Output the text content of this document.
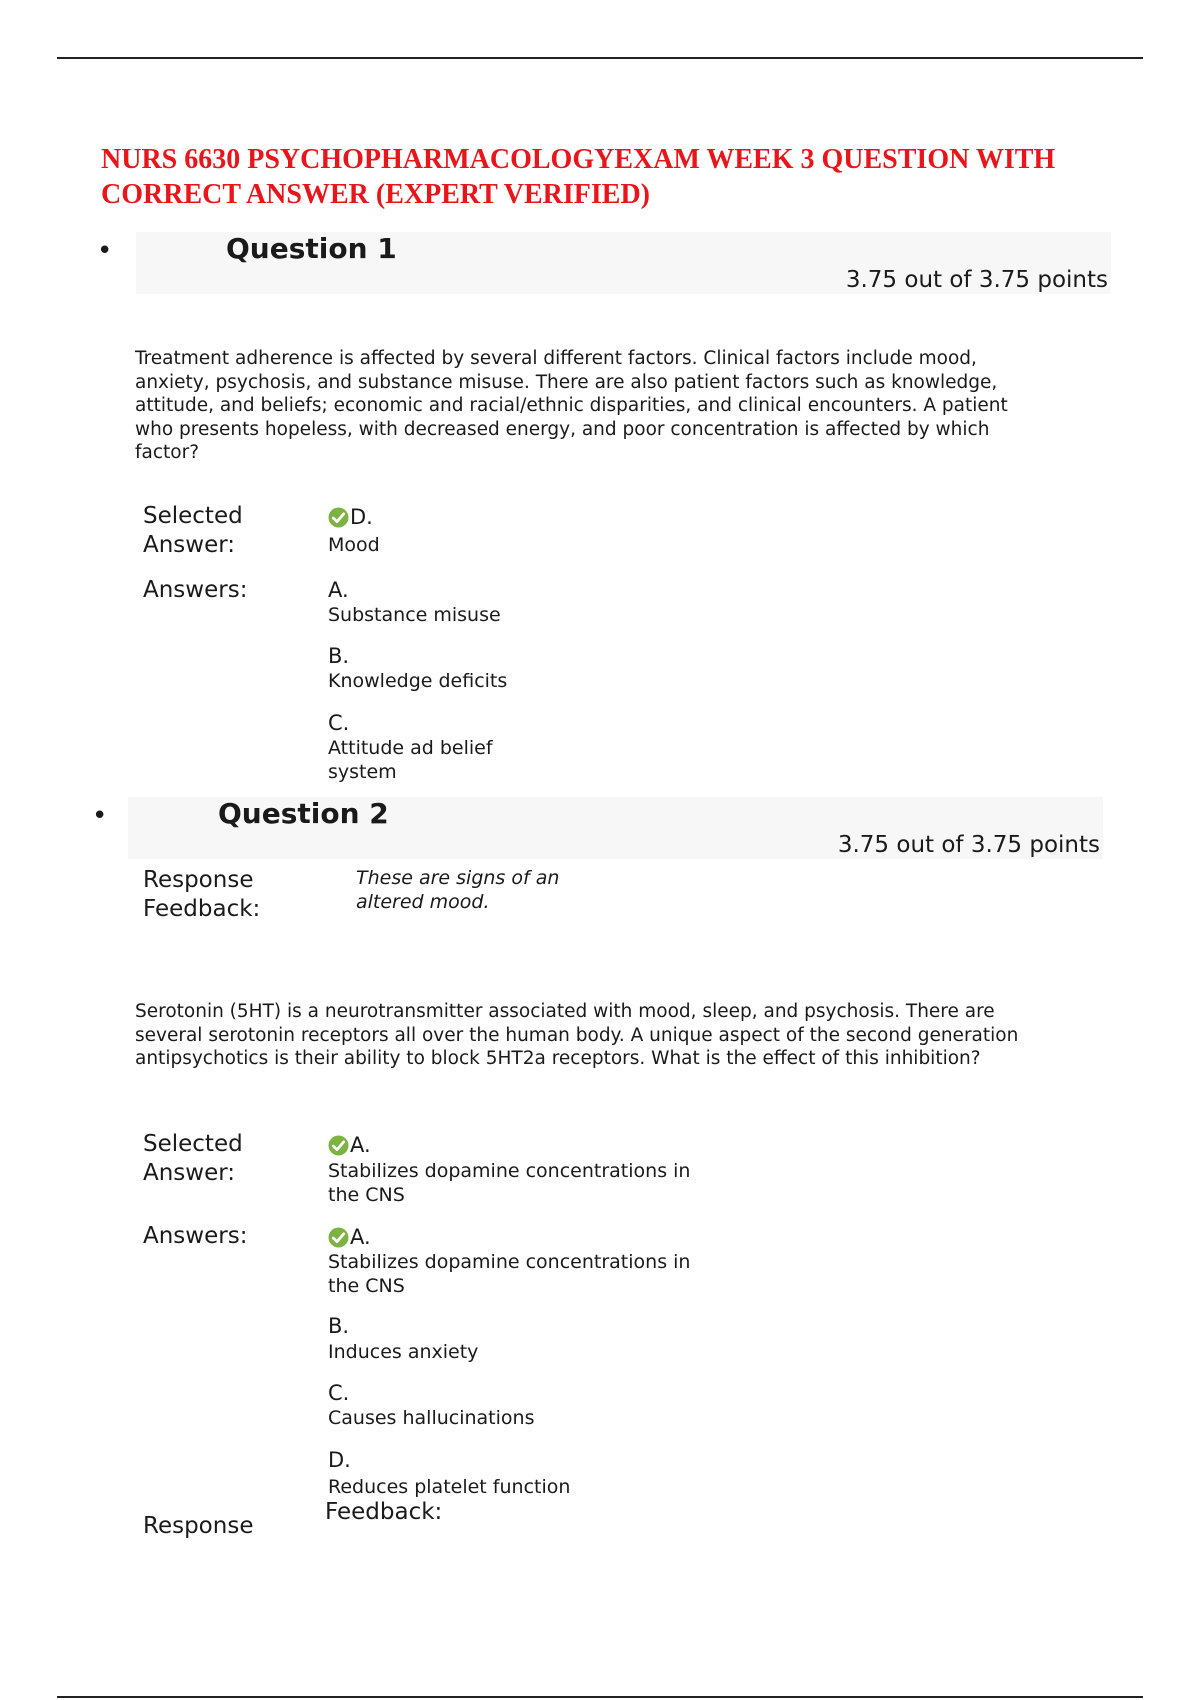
NURS 6630 PSYCHOPHARMACOLOGYEXAM WEEK 3 QUESTION WITH CORRECT ANSWER (EXPERT VERIFIED)
•	Question 1
3.75 out of 3.75 points

Treatment adherence is affected by several different factors. Clinical factors include mood, anxiety, psychosis, and substance misuse. There are also patient factors such as knowledge, attitude, and beliefs; economic and racial/ethnic disparities, and clinical encounters. A patient who presents hopeless, with decreased energy, and poor concentration is affected by which factor?

Selected Answer:
D.
Mood
Answers:	A.
Substance misuse
B.
Knowledge deficits
C.
Attitude ad belief system
•	Question 2
3.75 out of 3.75 points
Response Feedback:
These are signs of an altered mood.

Serotonin (5HT) is a neurotransmitter associated with mood, sleep, and psychosis. There are several serotonin receptors all over the human body. A unique aspect of the second generation antipsychotics is their ability to block 5HT2a receptors. What is the effect of this inhibition?

Selected Answer:
A.
Stabilizes dopamine concentrations in the CNS
Answers:	A.
Stabilizes dopamine concentrations in the CNS
B.
Induces anxiety
C.
Causes hallucinations
D.
Reduces platelet function
Response
Feedback:
